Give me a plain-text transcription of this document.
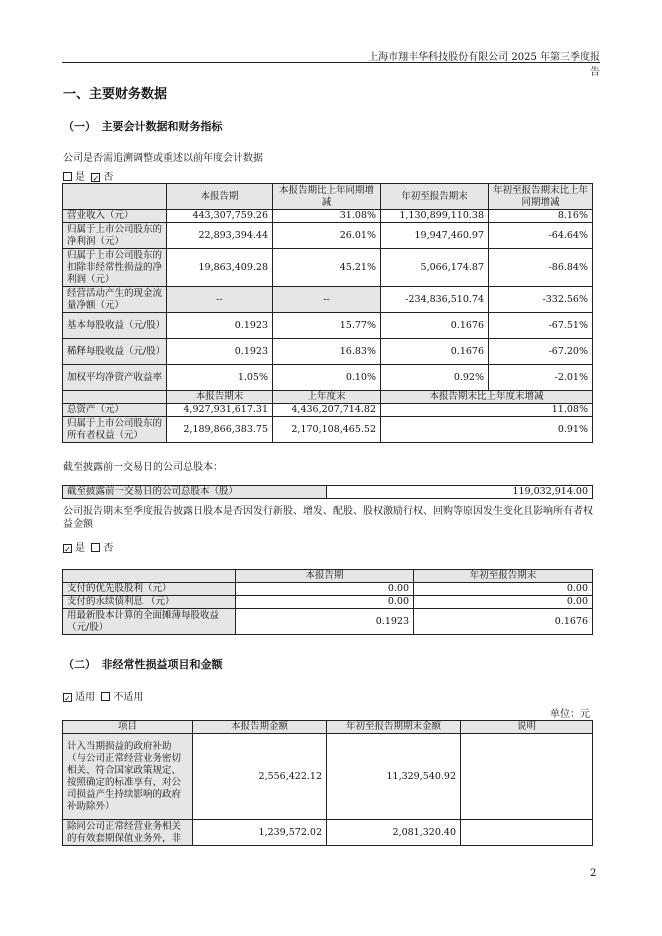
上海市翔丰华科技股份有限公司 2025 年第三季度报告
一、主要财务数据
（一）　主要会计数据和财务指标
公司是否需追溯调整或重述以前年度会计数据
是 ✓ 否
	本报告期	本报告期比上年同期增减	年初至报告期末	年初至报告期末比上年同期增减
营业收入（元）	443,307,759.26	31.08%	1,130,899,110.38	8.16%
归属于上市公司股东的净利润（元）	22,893,394.44	26.01%	19,947,460.97	-64.64%
归属于上市公司股东的扣除非经常性损益的净利润（元）	19,863,409.28	45.21%	5,066,174.87	-86.84%
经营活动产生的现金流量净额（元）	--	--	-234,836,510.74	-332.56%
基本每股收益（元/股）	0.1923	15.77%	0.1676	-67.51%
稀释每股收益（元/股）	0.1923	16.83%	0.1676	-67.20%
加权平均净资产收益率	1.05%	0.10%	0.92%	-2.01%
	本报告期末	上年度末	本报告期末比上年度末增减	
总资产（元）	4,927,931,617.31	4,436,207,714.82	11.08%	
归属于上市公司股东的所有者权益（元）	2,189,866,383.75	2,170,108,465.52	0.91%	
截至披露前一交易日的公司总股本：
截至披露前一交易日的公司总股本（股）	119,032,914.00
公司报告期末至季度报告披露日股本是否因发行新股、增发、配股、股权激励行权、回购等原因发生变化且影响所有者权益金额
✓ 是 否
	本报告期	年初至报告期末
支付的优先股股利（元）	0.00	0.00
支付的永续债利息 （元）	0.00	0.00
用最新股本计算的全面摊薄每股收益（元/股）	0.1923	0.1676
（二）　非经常性损益项目和金额
✓ 适用 不适用
单位：元
项目	本报告期金额	年初至报告期期末金额	说明
计入当期损益的政府补助（与公司正常经营业务密切相关、符合国家政策规定、按照确定的标准享有、对公司损益产生持续影响的政府补助除外）	2,556,422.12	11,329,540.92	
除同公司正常经营业务相关的有效套期保值业务外，非	1,239,572.02	2,081,320.40	
2
